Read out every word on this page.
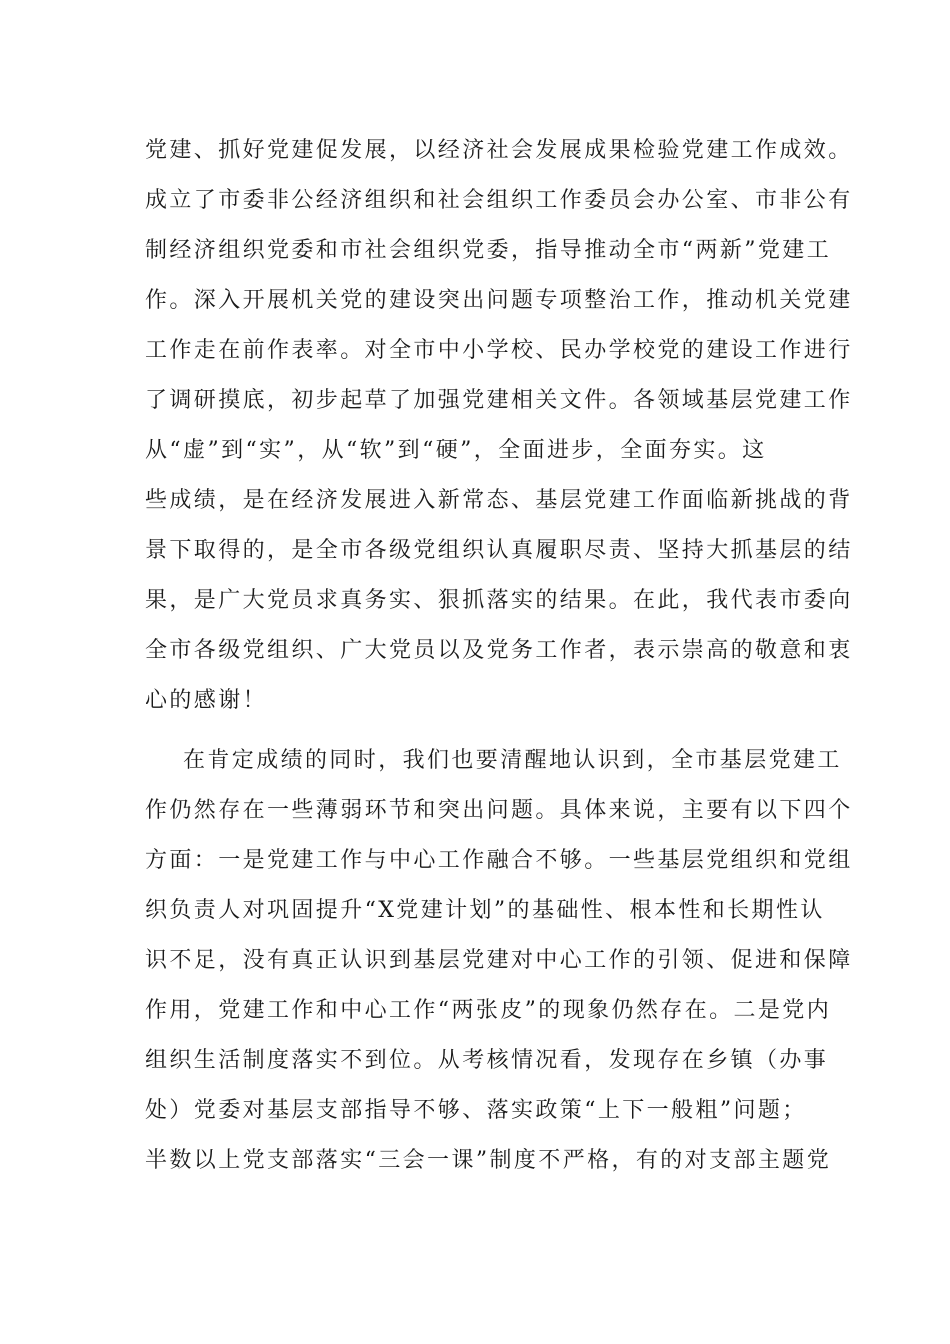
党建、抓好党建促发展，以经济社会发展成果检验党建工作成效。
成立了市委非公经济组织和社会组织工作委员会办公室、市非公有
制经济组织党委和市社会组织党委，指导推动全市“两新”党建工
作。深入开展机关党的建设突出问题专项整治工作，推动机关党建
工作走在前作表率。对全市中小学校、民办学校党的建设工作进行
了调研摸底，初步起草了加强党建相关文件。各领域基层党建工作
从“虚”到“实”，从“软”到“硬”，全面进步，全面夯实。这
些成绩，是在经济发展进入新常态、基层党建工作面临新挑战的背
景下取得的，是全市各级党组织认真履职尽责、坚持大抓基层的结
果，是广大党员求真务实、狠抓落实的结果。在此，我代表市委向
全市各级党组织、广大党员以及党务工作者，表示崇高的敬意和衷
心的感谢！
在肯定成绩的同时，我们也要清醒地认识到，全市基层党建工
作仍然存在一些薄弱环节和突出问题。具体来说，主要有以下四个
方面：一是党建工作与中心工作融合不够。一些基层党组织和党组
织负责人对巩固提升“X党建计划”的基础性、根本性和长期性认
识不足，没有真正认识到基层党建对中心工作的引领、促进和保障
作用，党建工作和中心工作“两张皮”的现象仍然存在。二是党内
组织生活制度落实不到位。从考核情况看，发现存在乡镇（办事
处）党委对基层支部指导不够、落实政策“上下一般粗”问题；
半数以上党支部落实“三会一课”制度不严格，有的对支部主题党
